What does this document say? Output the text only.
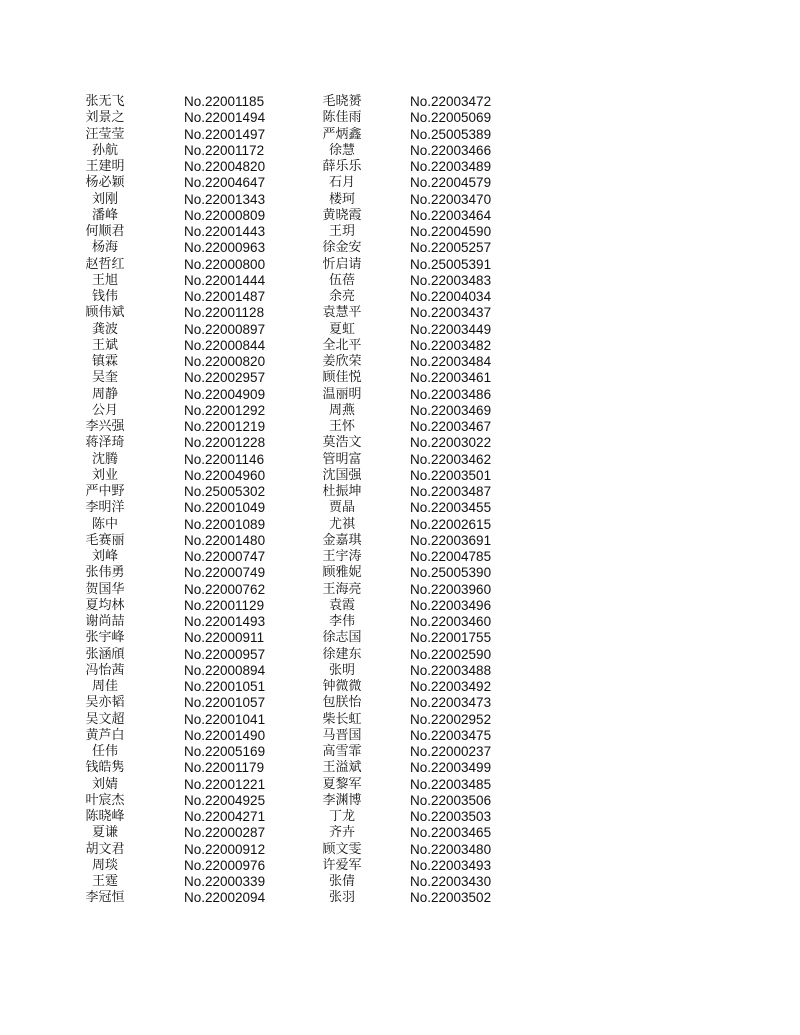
张无飞	No.22001185	毛晓赟	No.22003472
刘景之	No.22001494	陈佳雨	No.22005069
汪莹莹	No.22001497	严炳鑫	No.25005389
孙航	No.22001172	徐慧	No.22003466
王建明	No.22004820	薛乐乐	No.22003489
杨必颖	No.22004647	石月	No.22004579
刘刚	No.22001343	楼珂	No.22003470
潘峰	No.22000809	黄晓霞	No.22003464
何顺君	No.22001443	王玥	No.22004590
杨海	No.22000963	徐金安	No.22005257
赵哲红	No.22000800	忻启请	No.25005391
王旭	No.22001444	伍蓓	No.22003483
钱伟	No.22001487	余亮	No.22004034
顾伟斌	No.22001128	袁慧平	No.22003437
龚波	No.22000897	夏虹	No.22003449
王斌	No.22000844	全北平	No.22003482
镇霖	No.22000820	姜欣荣	No.22003484
吴奎	No.22002957	顾佳悦	No.22003461
周静	No.22004909	温丽明	No.22003486
公月	No.22001292	周燕	No.22003469
李兴强	No.22001219	王怀	No.22003467
蒋泽琦	No.22001228	莫浩文	No.22003022
沈腾	No.22001146	管明富	No.22003462
刘业	No.22004960	沈国强	No.22003501
严中野	No.25005302	杜振坤	No.22003487
李明洋	No.22001049	贾晶	No.22003455
陈中	No.22001089	尤祺	No.22002615
毛赛丽	No.22001480	金嘉琪	No.22003691
刘峰	No.22000747	王宇涛	No.22004785
张伟勇	No.22000749	顾雅妮	No.25005390
贺国华	No.22000762	王海亮	No.22003960
夏均林	No.22001129	袁霞	No.22003496
谢尚喆	No.22001493	李伟	No.22003460
张宇峰	No.22000911	徐志国	No.22001755
张涵頎	No.22000957	徐建东	No.22002590
冯怡茜	No.22000894	张明	No.22003488
周佳	No.22001051	钟微微	No.22003492
吴亦韬	No.22001057	包朕怡	No.22003473
吴文超	No.22001041	柴长虹	No.22002952
黄芦白	No.22001490	马晋国	No.22003475
任伟	No.22005169	高雪霏	No.22000237
钱皓隽	No.22001179	王溢斌	No.22003499
刘婧	No.22001221	夏黎军	No.22003485
叶宸杰	No.22004925	李渊博	No.22003506
陈晓峰	No.22004271	丁龙	No.22003503
夏谦	No.22000287	齐卉	No.22003465
胡文君	No.22000912	顾文雯	No.22003480
周琰	No.22000976	许爱军	No.22003493
王霆	No.22000339	张倩	No.22003430
李冠恒	No.22002094	张羽	No.22003502
